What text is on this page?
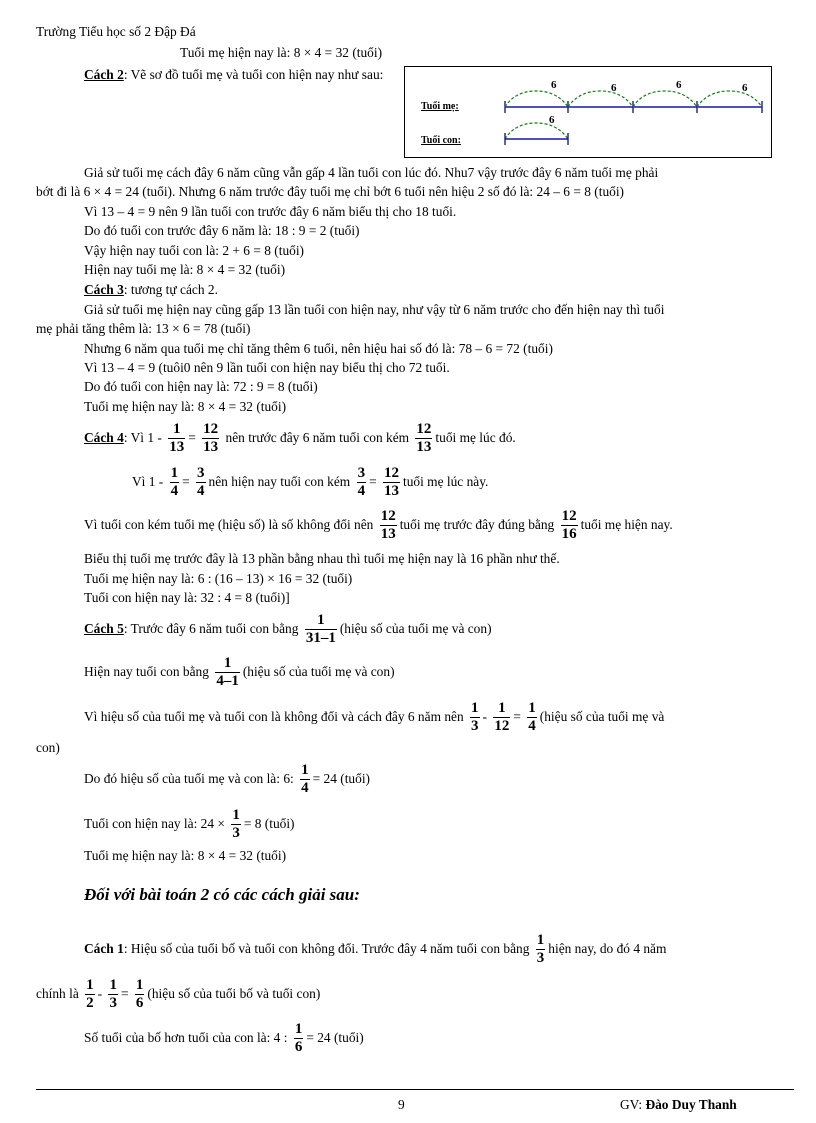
Trường Tiểu học số 2 Đập Đá
Tuổi mẹ hiện nay là: 8 × 4 = 32 (tuổi)
Cách 2: Vẽ sơ đồ tuổi mẹ và tuổi con hiện nay như sau:
Tuổi mẹ:
Tuổi con:
6	6	6	6
6
Giả sử tuổi mẹ cách đây 6 năm cũng vẫn gấp 4 lần tuổi con lúc đó. Nhu7 vậy trước đây 6 năm tuổi mẹ phải
bớt đi là 6 × 4 = 24 (tuổi). Nhưng 6 năm trước đây tuổi mẹ chỉ bớt 6 tuổi nên hiệu 2 số đó là: 24 – 6 = 8 (tuổi)
Vì 13 – 4 = 9 nên 9 lần tuổi con trước đây 6 năm biểu thị cho 18 tuổi.
Do đó tuổi con trước đây 6 năm là: 18 : 9 = 2 (tuổi)
Vậy hiện nay tuổi con là: 2 + 6 = 8 (tuổi)
Hiện nay tuổi mẹ là: 8 × 4 = 32 (tuổi)
Cách 3: tương tự cách 2.
Giả sử tuổi mẹ hiện nay cũng gấp 13 lần tuổi con hiện nay, như vậy từ 6 năm trước cho đến hiện nay thì tuổi
mẹ phải tăng thêm là: 13 × 6 = 78 (tuổi)
Nhưng 6 năm qua tuổi mẹ chỉ tăng thêm 6 tuổi, nên hiệu hai số đó là: 78 – 6 = 72 (tuổi)
Vì 13 – 4 = 9 (tuôi0 nên 9 lần tuổi con hiện nay biểu thị cho 72 tuổi.
Do đó tuổi con hiện nay là: 72 : 9 = 8 (tuổi)
Tuổi mẹ hiện nay là: 8 × 4 = 32 (tuổi)
Cách 4: Vì $1 - \frac{1}{13} = \frac{12}{13}$ nên trước đây 6 năm tuổi con kém $\frac{12}{13}$ tuổi mẹ lúc đó.
Vì $1 - \frac{1}{4} = \frac{3}{4}$ nên hiện nay tuổi con kém $\frac{3}{4} = \frac{12}{13}$ tuổi mẹ lúc này.
Vì tuổi con kém tuổi mẹ (hiệu số) là số không đổi nên $\frac{12}{13}$ tuổi mẹ trước đây đúng bằng $\frac{12}{16}$ tuổi mẹ hiện nay.
Biểu thị tuổi mẹ trước đây là 13 phần bằng nhau thì tuổi mẹ hiện nay là 16 phần như thế.
Tuổi mẹ hiện nay là: 6 : (16 – 13) × 16 = 32 (tuổi)
Tuổi con hiện nay là: 32 : 4 = 8 (tuổi)]
Cách 5: Trước đây 6 năm tuổi con bằng $\frac{1}{31-1}$ (hiệu số của tuổi mẹ và con)
Hiện nay tuổi con bằng $\frac{1}{4-1}$ (hiệu số của tuổi mẹ và con)
Vì hiệu số của tuổi mẹ và tuổi con là không đổi và cách đây 6 năm nên $\frac{1}{3} - \frac{1}{12} = \frac{1}{4}$ (hiệu số của tuổi mẹ và
con)
Do đó hiệu số của tuổi mẹ và con là: 6: $\frac{1}{4} = 24$ (tuổi)
Tuổi con hiện nay là: $24 \times \frac{1}{3} = 8$ (tuổi)
Tuổi mẹ hiện nay là: 8 × 4 = 32 (tuổi)
Đối với bài toán 2 có các cách giải sau:
Cách 1: Hiệu số của tuổi bố và tuổi con không đổi. Trước đây 4 năm tuổi con bằng $\frac{1}{3}$ hiện nay, do đó 4 năm
chính là $\frac{1}{2} - \frac{1}{3} = \frac{1}{6}$ (hiệu số của tuổi bố và tuổi con)
Số tuổi của bố hơn tuổi của con là: 4 : $\frac{1}{6} = 24$ (tuổi)
9	GV: Đào Duy Thanh
